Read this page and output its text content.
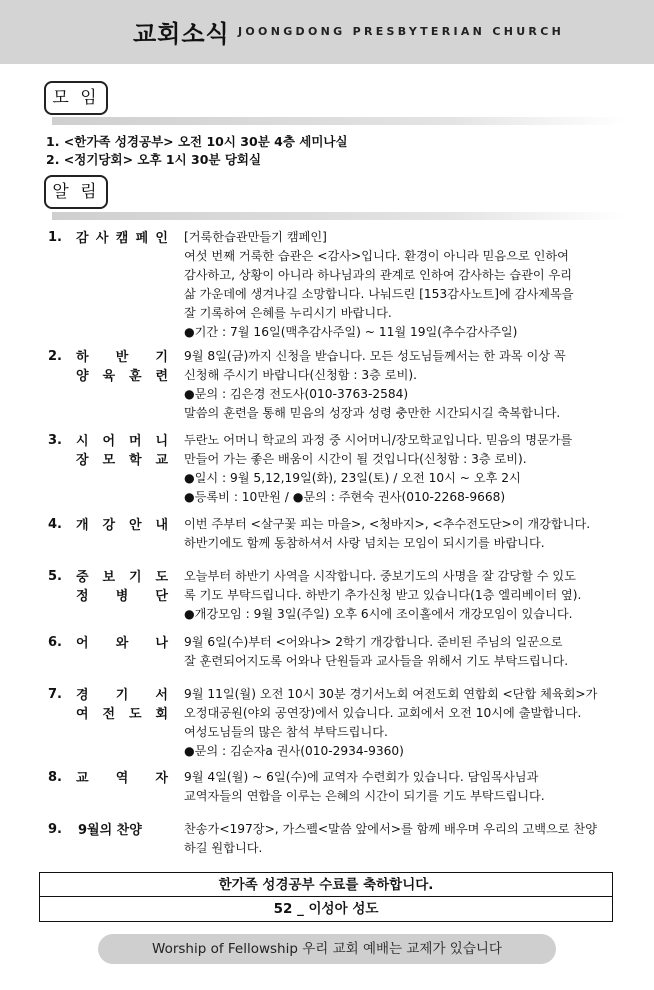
교회소식 JOONGDONG PRESBYTERIAN CHURCH
모 임
1. <한가족 성경공부> 오전 10시 30분 4층 세미나실
2. <정기당회> 오후 1시 30분 당회실
알 림
1. 감 사 캠 페 인 [거룩한습관만들기 캠페인]
여섯 번째 거룩한 습관은 <감사>입니다. 환경이 아니라 믿음으로 인하여
감사하고, 상황이 아니라 하나님과의 관계로 인하여 감사하는 습관이 우리
삶 가운데에 생겨나길 소망합니다. 나눠드린 [153감사노트]에 감사제목을
잘 기록하여 은혜를 누리시기 바랍니다.
●기간 : 7월 16일(맥추감사주일) ~ 11월 19일(추수감사주일)
2. 하 반 기
양 육 훈 련
9월 8일(금)까지 신청을 받습니다. 모든 성도님들께서는 한 과목 이상 꼭
신청해 주시기 바랍니다(신청함 : 3층 로비).
●문의 : 김은경 전도사(010-3763-2584)
말씀의 훈련을 통해 믿음의 성장과 성령 충만한 시간되시길 축복합니다.
3. 시 어 머 니
장 모 학 교
두란노 어머니 학교의 과정 중 시어머니/장모학교입니다. 믿음의 명문가를
만들어 가는 좋은 배움이 시간이 될 것입니다(신청함 : 3층 로비).
●일시 : 9월 5,12,19일(화), 23일(토) / 오전 10시 ~ 오후 2시
●등록비 : 10만원 / ●문의 : 주현숙 권사(010-2268-9668)
4. 개 강 안 내 이번 주부터 <살구꽃 피는 마을>, <청바지>, <추수전도단>이 개강합니다.
하반기에도 함께 동참하셔서 사랑 넘치는 모임이 되시기를 바랍니다.
5. 중 보 기 도
정 병 단
오늘부터 하반기 사역을 시작합니다. 중보기도의 사명을 잘 감당할 수 있도
록 기도 부탁드립니다. 하반기 추가신청 받고 있습니다(1층 엘리베이터 옆).
●개강모임 : 9월 3일(주일) 오후 6시에 조이홀에서 개강모임이 있습니다.
6. 어 와 나 9월 6일(수)부터 <어와나> 2학기 개강합니다. 준비된 주님의 일꾼으로
잘 훈련되어지도록 어와나 단원들과 교사들을 위해서 기도 부탁드립니다.
7. 경 기 서
여 전 도 회
9월 11일(월) 오전 10시 30분 경기서노회 여전도회 연합회 <단합 체육회>가
오정대공원(야외 공연장)에서 있습니다. 교회에서 오전 10시에 출발합니다.
여성도님들의 많은 참석 부탁드립니다.
●문의 : 김순자a 권사(010-2934-9360)
8. 교 역 자 9월 4일(월) ~ 6일(수)에 교역자 수련회가 있습니다. 담임목사님과
교역자들의 연합을 이루는 은혜의 시간이 되기를 기도 부탁드립니다.
9. 9월의 찬양	찬송가<197장>, 가스펠<말씀 앞에서>를 함께 배우며 우리의 고백으로 찬양
하길 원합니다.
한가족 성경공부 수료를 축하합니다.
52 _ 이성아 성도
Worship of Fellowship 우리 교회 예배는 교제가 있습니다
